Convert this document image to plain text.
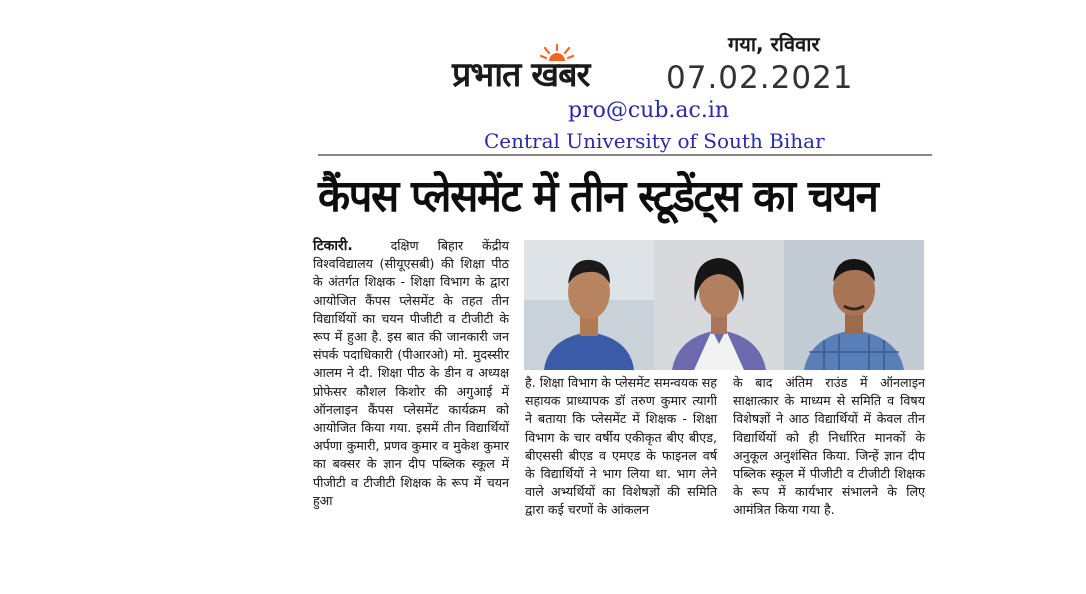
गया, रविवार
प्रभात खबर 07.02.2021
pro@cub.ac.in
Central University of South Bihar
कैंपस प्लेसमेंट में तीन स्टूडेंट्स का चयन
टिकारी.	दक्षिण बिहार केंद्रीय विश्वविद्यालय (सीयूएसबी) की शिक्षा पीठ के अंतर्गत शिक्षक - शिक्षा विभाग के द्वारा आयोजित कैंपस प्लेसमेंट के तहत तीन विद्यार्थियों का चयन पीजीटी व टीजीटी के रूप में हुआ है. इस बात की जानकारी जन संपर्क पदाधिकारी (पीआरओ) मो. मुदस्सीर आलम ने दी. शिक्षा पीठ के डीन व अध्यक्ष प्रोफेसर कौशल किशोर की अगुआई में ऑनलाइन कैंपस प्लेसमेंट कार्यक्रम को आयोजित किया गया. इसमें तीन विद्यार्थियों अर्पणा कुमारी, प्रणव कुमार व मुकेश कुमार का बक्सर के ज्ञान दीप पब्लिक स्कूल में पीजीटी व टीजीटी शिक्षक के रूप में चयन हुआ
है. शिक्षा विभाग के प्लेसमेंट समन्वयक सह सहायक प्राध्यापक डॉ तरुण कुमार त्यागी ने बताया कि प्लेसमेंट में शिक्षक - शिक्षा विभाग के चार वर्षीय एकीकृत बीए बीएड, बीएससी बीएड व एमएड के फाइनल वर्ष के विद्यार्थियों ने भाग लिया था. भाग लेने वाले अभ्यर्थियों का विशेषज्ञों की समिति द्वारा कई चरणों के आंकलन
के बाद अंतिम राउंड में ऑनलाइन साक्षात्कार के माध्यम से समिति व विषय विशेषज्ञों ने आठ विद्यार्थियों में केवल तीन विद्यार्थियों को ही निर्धारित मानकों के अनुकूल अनुशंसित किया. जिन्हें ज्ञान दीप पब्लिक स्कूल में पीजीटी व टीजीटी शिक्षक के रूप में कार्यभार संभालने के लिए आमंत्रित किया गया है.
